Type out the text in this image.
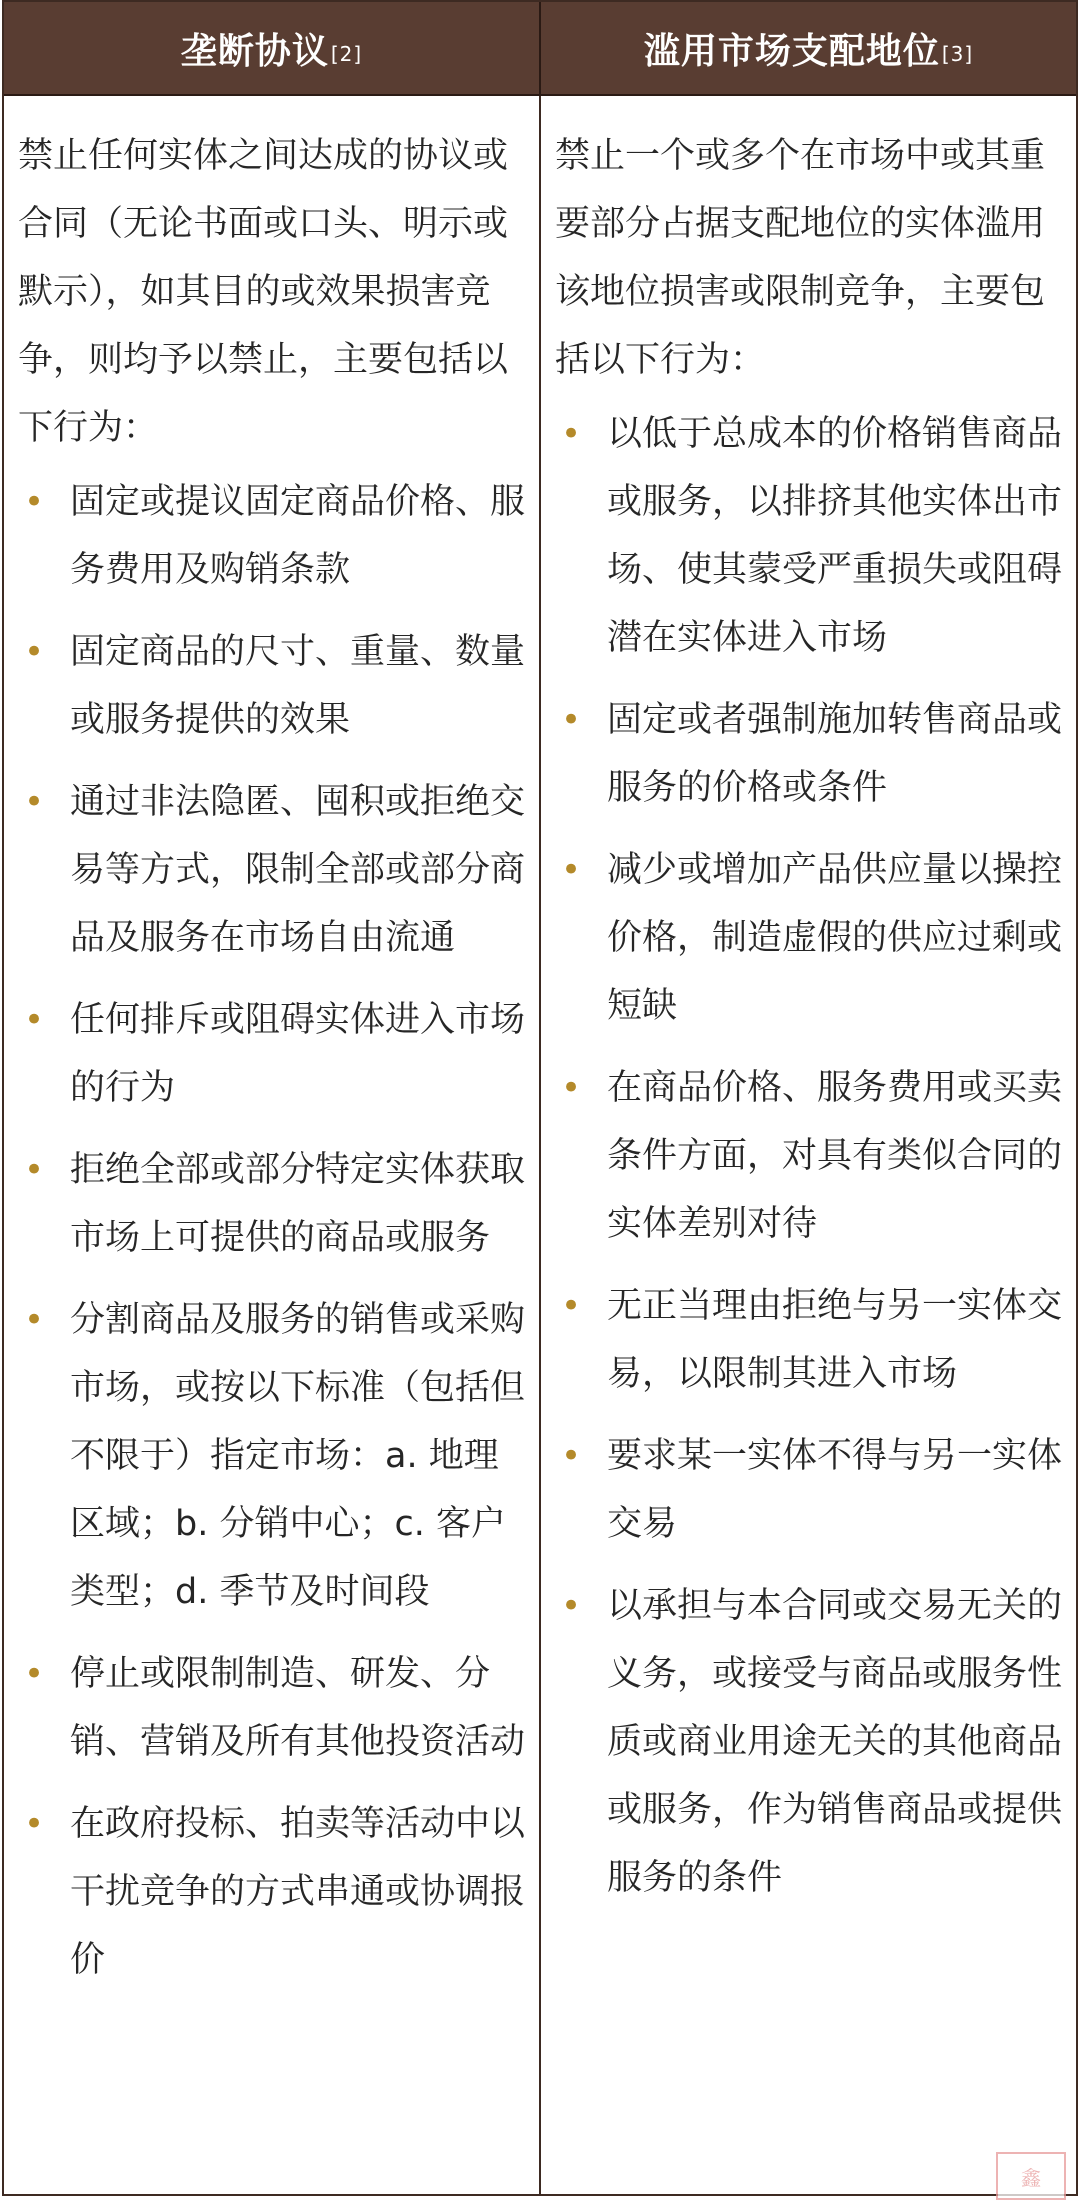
垄断协议 [2]	滥用市场支配地位 [3]

禁止任何实体之间达成的协议或合同（无论书面或口头、明示或默示），如其目的或效果损害竞争，则均予以禁止，主要包括以下行为：

• 固定或提议固定商品价格、服务费用及购销条款
• 固定商品的尺寸、重量、数量或服务提供的效果
• 通过非法隐匿、囤积或拒绝交易等方式，限制全部或部分商品及服务在市场自由流通
• 任何排斥或阻碍实体进入市场的行为
• 拒绝全部或部分特定实体获取市场上可提供的商品或服务
• 分割商品及服务的销售或采购市场，或按以下标准（包括但不限于）指定市场：a. 地理区域；b. 分销中心；c. 客户类型；d. 季节及时间段
• 停止或限制制造、研发、分销、营销及所有其他投资活动
• 在政府投标、拍卖等活动中以干扰竞争的方式串通或协调报价

禁止一个或多个在市场中或其重要部分占据支配地位的实体滥用该地位损害或限制竞争，主要包括以下行为：

• 以低于总成本的价格销售商品或服务，以排挤其他实体出市场、使其蒙受严重损失或阻碍潜在实体进入市场
• 固定或者强制施加转售商品或服务的价格或条件
• 减少或增加产品供应量以操控价格，制造虚假的供应过剩或短缺
• 在商品价格、服务费用或买卖条件方面，对具有类似合同的实体差别对待
• 无正当理由拒绝与另一实体交易，以限制其进入市场
• 要求某一实体不得与另一实体交易
• 以承担与本合同或交易无关的义务，或接受与商品或服务性质或商业用途无关的其他商品或服务，作为销售商品或提供服务的条件
鑫
